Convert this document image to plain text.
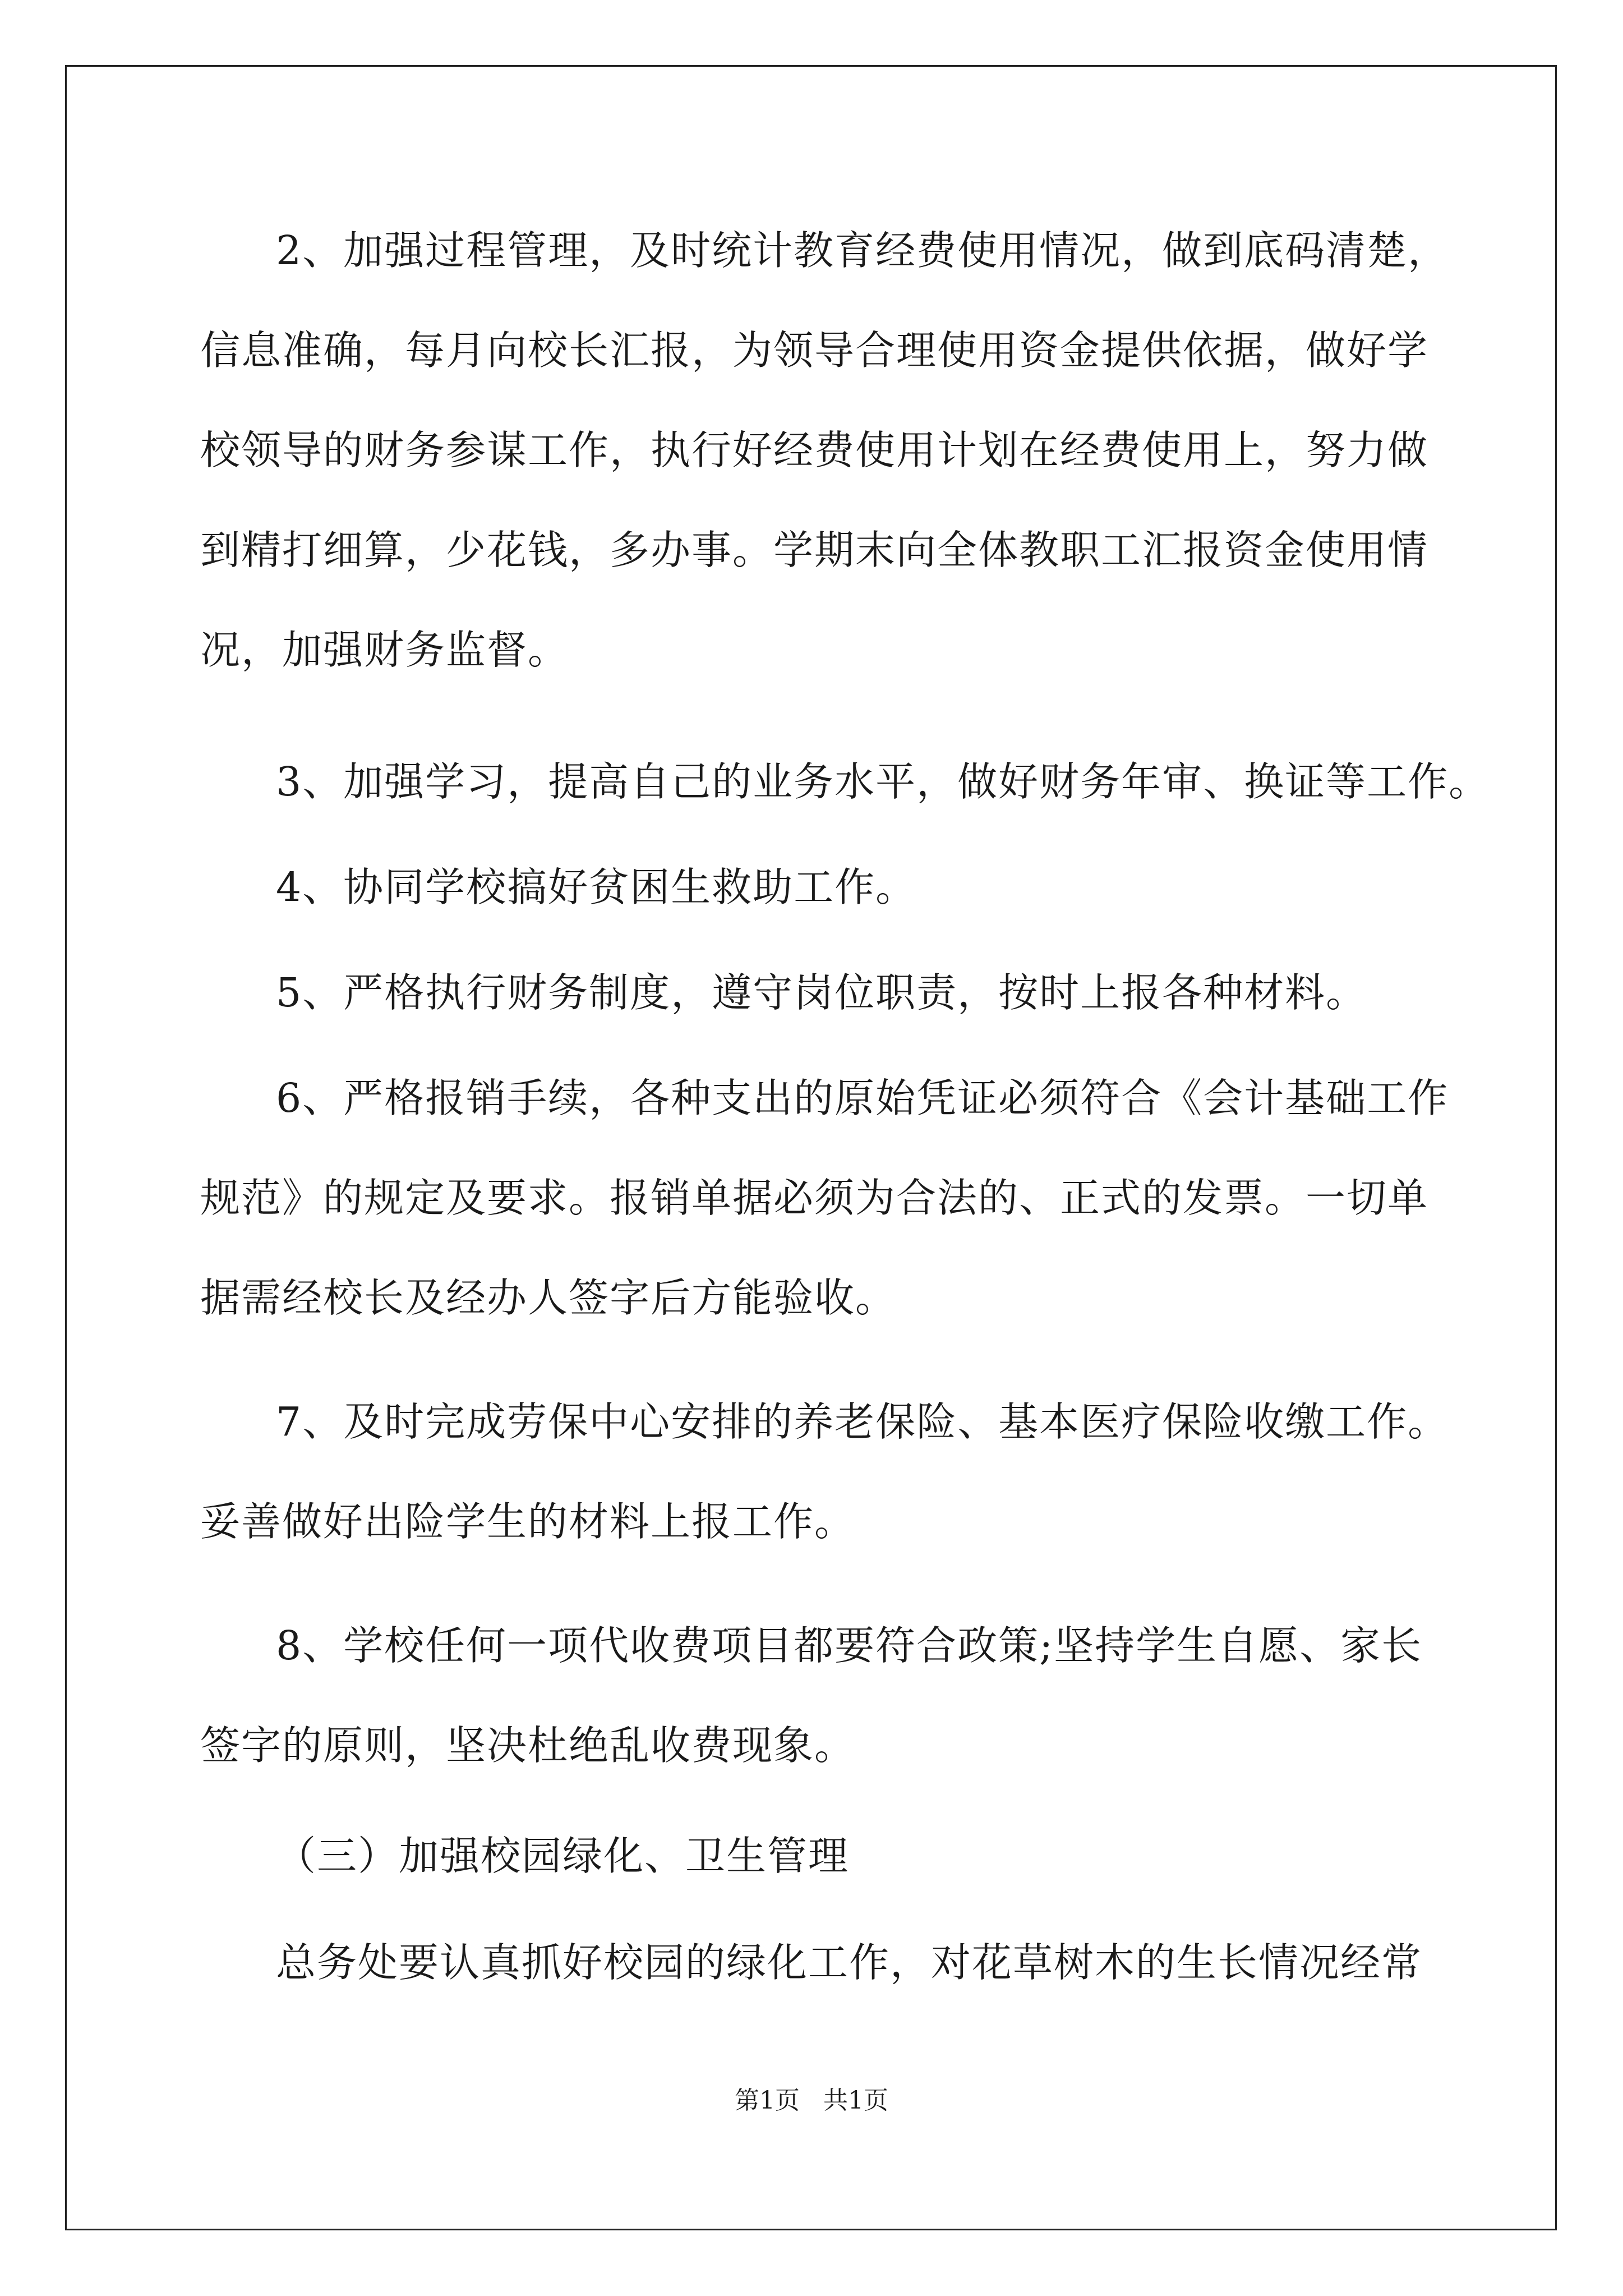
2、加强过程管理，及时统计教育经费使用情况，做到底码清楚，

信息准确，每月向校长汇报，为领导合理使用资金提供依据，做好学

校领导的财务参谋工作，执行好经费使用计划在经费使用上，努力做

到精打细算，少花钱，多办事。学期末向全体教职工汇报资金使用情

况，加强财务监督。

3、加强学习，提高自己的业务水平，做好财务年审、换证等工作。

4、协同学校搞好贫困生救助工作。

5、严格执行财务制度，遵守岗位职责，按时上报各种材料。

6、严格报销手续，各种支出的原始凭证必须符合《会计基础工作

规范》的规定及要求。报销单据必须为合法的、正式的发票。一切单

据需经校长及经办人签字后方能验收。

7、及时完成劳保中心安排的养老保险、基本医疗保险收缴工作。

妥善做好出险学生的材料上报工作。

8、学校任何一项代收费项目都要符合政策;坚持学生自愿、家长

签字的原则，坚决杜绝乱收费现象。

（三）加强校园绿化、卫生管理

总务处要认真抓好校园的绿化工作，对花草树木的生长情况经常

第1页   共1页
